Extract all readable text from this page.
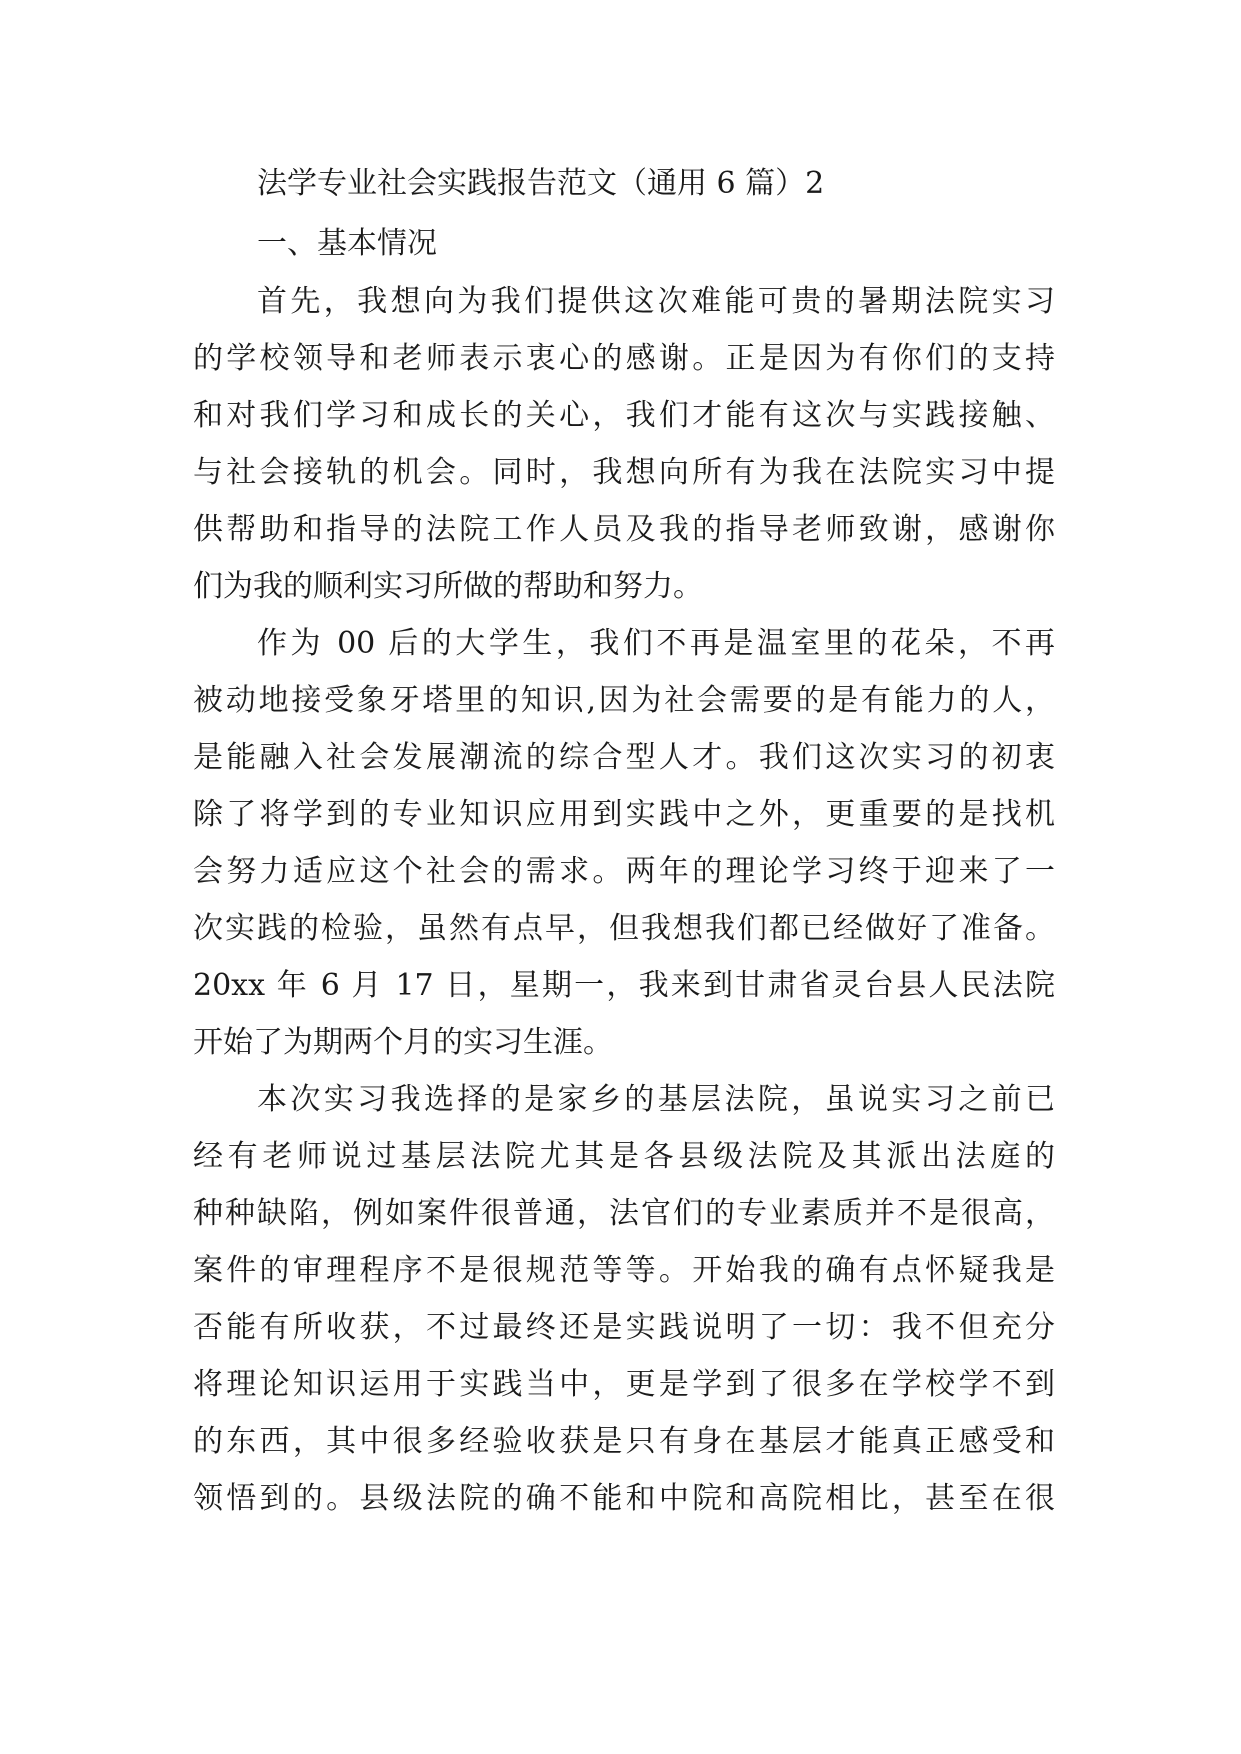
法学专业社会实践报告范文（通用 6 篇）2
一、基本情况
首先，我想向为我们提供这次难能可贵的暑期法院实习
的学校领导和老师表示衷心的感谢。正是因为有你们的支持
和对我们学习和成长的关心，我们才能有这次与实践接触、
与社会接轨的机会。同时，我想向所有为我在法院实习中提
供帮助和指导的法院工作人员及我的指导老师致谢，感谢你
们为我的顺利实习所做的帮助和努力。
作为 00 后的大学生，我们不再是温室里的花朵，不再
被动地接受象牙塔里的知识,因为社会需要的是有能力的人，
是能融入社会发展潮流的综合型人才。我们这次实习的初衷
除了将学到的专业知识应用到实践中之外，更重要的是找机
会努力适应这个社会的需求。两年的理论学习终于迎来了一
次实践的检验，虽然有点早，但我想我们都已经做好了准备。
20xx 年 6 月 17 日，星期一，我来到甘肃省灵台县人民法院
开始了为期两个月的实习生涯。
本次实习我选择的是家乡的基层法院，虽说实习之前已
经有老师说过基层法院尤其是各县级法院及其派出法庭的
种种缺陷，例如案件很普通，法官们的专业素质并不是很高，
案件的审理程序不是很规范等等。开始我的确有点怀疑我是
否能有所收获，不过最终还是实践说明了一切：我不但充分
将理论知识运用于实践当中，更是学到了很多在学校学不到
的东西，其中很多经验收获是只有身在基层才能真正感受和
领悟到的。县级法院的确不能和中院和高院相比，甚至在很
